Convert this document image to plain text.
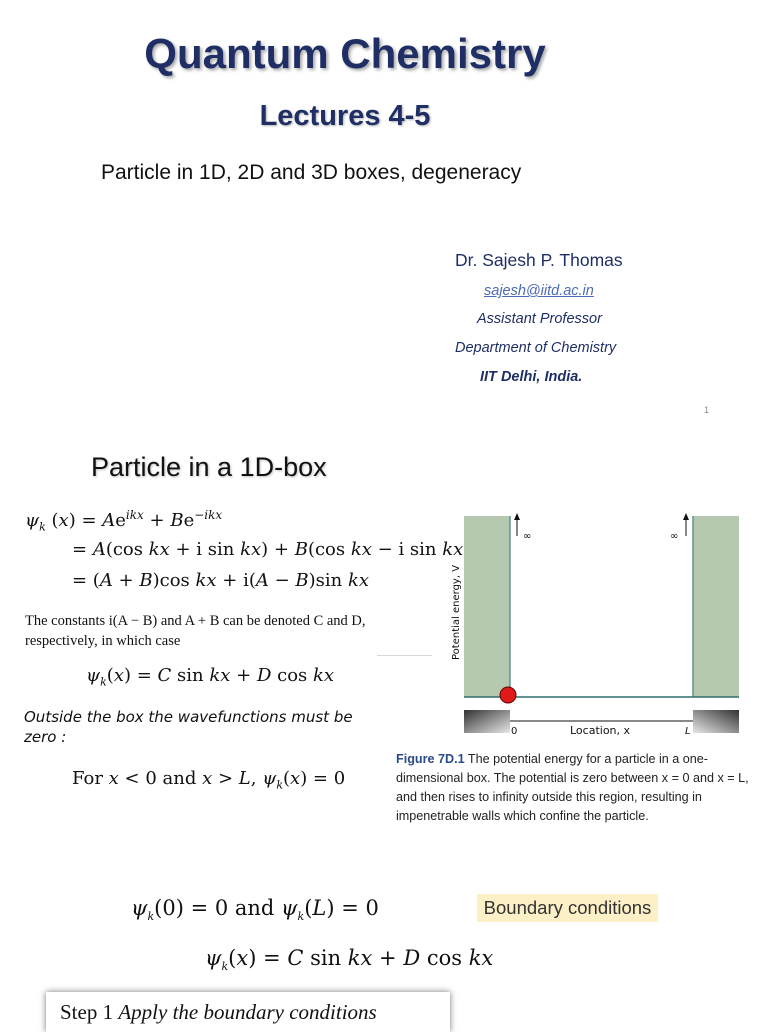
Quantum Chemistry
Lectures 4-5
Particle in 1D, 2D and 3D boxes, degeneracy
Dr. Sajesh P. Thomas
sajesh@iitd.ac.in
Assistant Professor
Department of Chemistry
IIT Delhi, India.
1
Particle in a 1D-box
$\psi_k$ $(x) = Ae^{ikx} + Be^{-ikx}$
= A(cos kx + i sin kx) + B(cos kx − i sin kx
= (A + B)cos kx + i(A − B)sin kx
The constants i(A − B) and A + B can be denoted C and D, respectively, in which case
$\psi_k(x) = C$ sin kx + D cos kx
Outside the box the wavefunctions must be zero :
For x < 0 and x > L, $\psi_k(x) = 0$
∞	∞
Potential energy, V
0	L
Location, x
Figure 7D.1 The potential energy for a particle in a one-dimensional box. The potential is zero between x = 0 and x = L, and then rises to infinity outside this region, resulting in impenetrable walls which confine the particle.
$\psi_k(0) = 0$ and $\psi_k(L) = 0$	Boundary conditions
$\psi_k(x) = C$ sin kx + D cos kx
Step 1 Apply the boundary conditions
